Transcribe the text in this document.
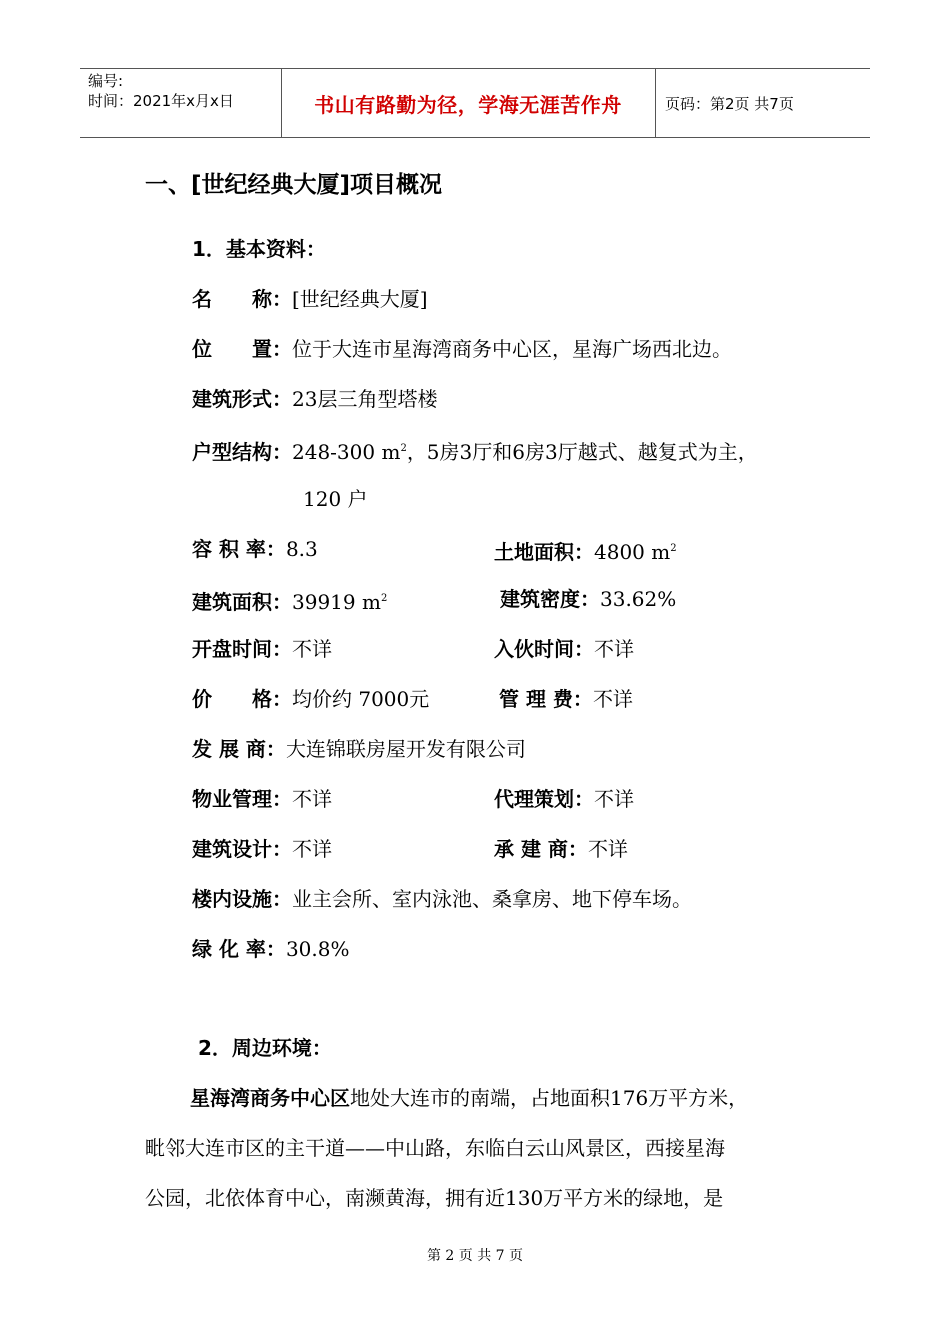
编号:
时间：2021年x月x日	书山有路勤为径，学海无涯苦作舟	页码：第2页 共7页
一、[世纪经典大厦]项目概况
1．基本资料：
名　　称：[世纪经典大厦]
位　　置：位于大连市星海湾商务中心区，星海广场西北边。
建筑形式：23层三角型塔楼
户型结构：248-300 $m^2$，5房3厅和6房3厅越式、越复式为主，
120 户
容 积 率：8.3	土地面积：4800 $m^2$
建筑面积：39919 $m^2$	建筑密度：33.62%
开盘时间：不详	入伙时间：不详
价　　格：均价约 7000元	管 理 费：不详
发 展 商：大连锦联房屋开发有限公司
物业管理：不详	代理策划：不详
建筑设计：不详	承 建 商：不详
楼内设施：业主会所、室内泳池、桑拿房、地下停车场。
绿 化 率：30.8%
2．周边环境：
星海湾商务中心区地处大连市的南端，占地面积176万平方米，
毗邻大连市区的主干道——中山路，东临白云山风景区，西接星海
公园，北依体育中心，南濒黄海，拥有近130万平方米的绿地，是
第 2 页 共 7 页
